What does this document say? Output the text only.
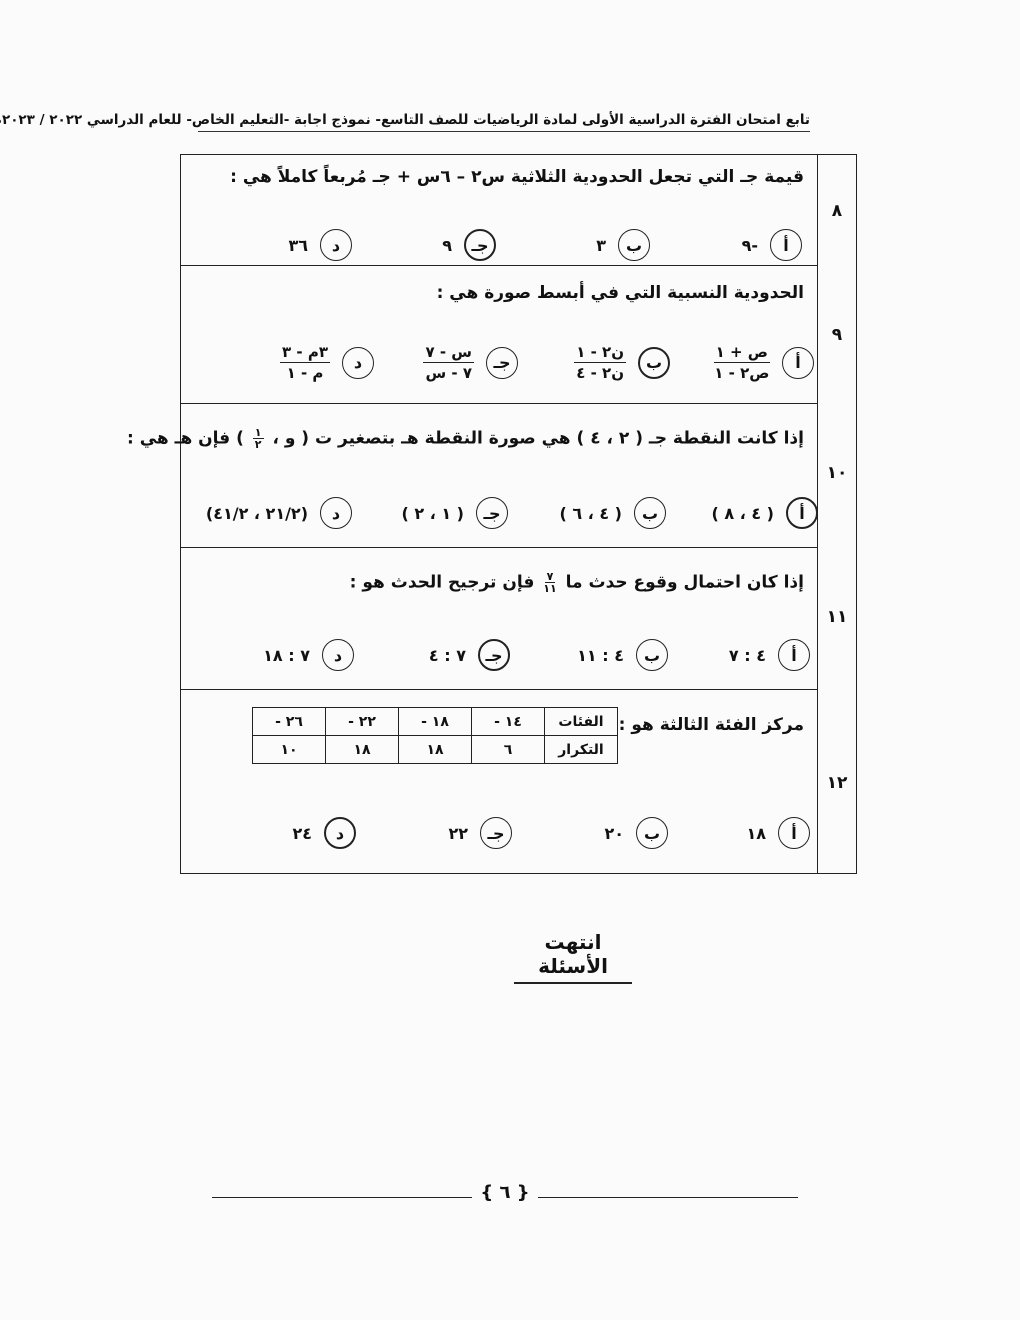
تابع امتحان الفترة الدراسية الأولى لمادة الرياضيات للصف التاسع- نموذج اجابة -التعليم الخاص- للعام الدراسي ٢٠٢٢ / ٢٠٢٣
قيمة جـ التي تجعل الحدودية الثلاثية س٢ – ٦س + جـ مُربعاً كاملاً هي :
أ
-٩
ب
٣
جـ
٩
د
٣٦
٨
الحدودية النسبية التي في أبسط صورة هي :
أ
$\frac{\text{ص + ١}}{\text{ص٢ - ١}}$
ب
$\frac{\text{ن٢ - ١}}{\text{ن٢ - ٤}}$
جـ
$\frac{\text{س - ٧}}{\text{٧ - س}}$
د
$\frac{\text{٣م - ٣}}{\text{م - ١}}$
٩
إذا كانت النقطة جـ ( ٢ ، ٤ ) هي صورة النقطة هـ بتصغير ت ( و ،
١
٢
) فإن هـ هي :
أ
( ٤ ، ٨ )
ب
( ٤ ، ٦ )
جـ
( ١ ، ٢ )
د
(٢١/٢ ، ٤١/٢)
١٠
إذا كان احتمال وقوع حدث ما
٧
١١
فإن ترجيح الحدث هو :
أ
٤ : ٧
ب
٤ : ١١
جـ
٧ : ٤
د
٧ : ١٨
١١
مركز الفئة الثالثة هو :
الفئات	١٤ -	١٨ -	٢٢ -	٢٦ -
التكرار	٦	١٨	١٨	١٠
أ
١٨
ب
٢٠
جـ
٢٢
د
٢٤
١٢
انتهت الأسئلة
{ ٦ }
